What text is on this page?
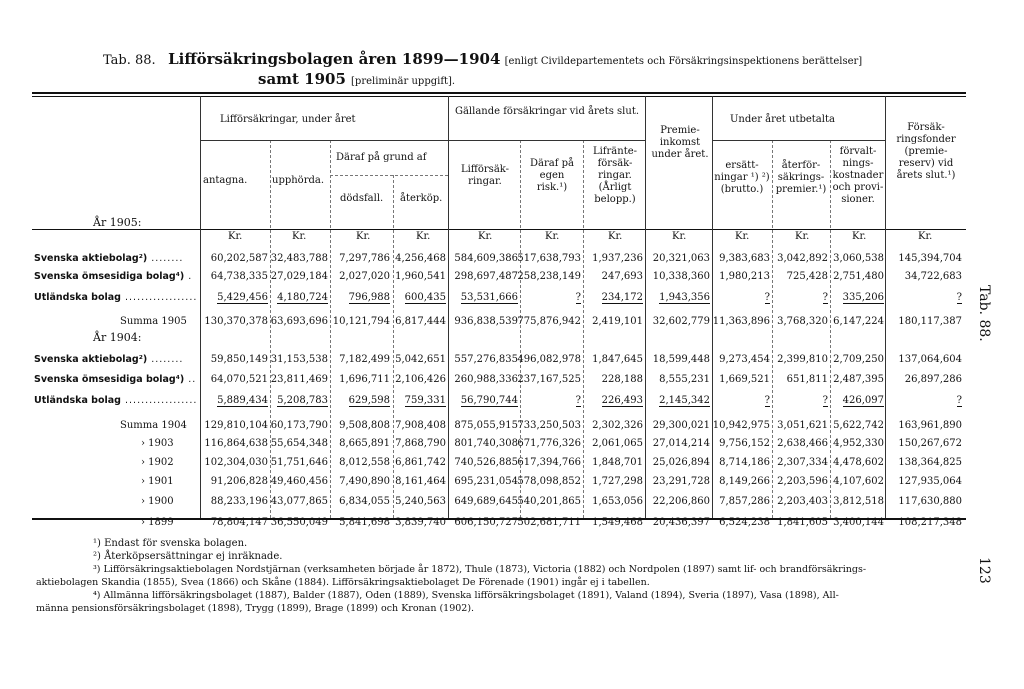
Tab. 88. Lifförsäkringsbolagen åren 1899—1904 [enligt Civildepartementets och Försäkringsinspektionens berättelser]
samt 1905 [preliminär uppgift].
Lifförsäkringar, under året
antagna. upphörda.
Däraf på grund af
dödsfall. återköp.
Gällande försäkringar vid årets slut.
Lifförsäk-ringar.
Däraf på egen risk.¹)
Lifränte-försäk-ringar. (Årligt belopp.)
Premie-inkomst under året.
Under året utbetalta
ersätt-ningar ¹) ²) (brutto.)
återför-säkrings-premier.¹)
förvalt-nings-kostnader och provi-sioner.
Försäk-ringsfonder (premie-reserv) vid årets slut.¹)
Kr.	Kr.	Kr.	Kr.	Kr.	Kr.	Kr.	Kr.	Kr.	Kr.	Kr.	Kr.
År 1905:
År 1904:
Svenska aktiebolag²) ........	60,202,587 32,483,788 7,297,786 4,256,468 584,609,386 517,638,793 1,937,236 20,321,063 9,383,683 3,042,892 3,060,538 145,394,704
Svenska ömsesidiga bolag⁴) . 64,738,335 27,029,184 2,027,020 1,960,541 298,697,487 258,238,149 247,693 10,338,360 1,980,213 725,428 2,751,480 34,722,683
Utländska bolag .................. 5,429,456 4,180,724 796,988 600,435 53,531,666	? 234,172 1,943,356	?	? 335,206	?
Summa 1905 130,370,378 63,693,696 10,121,794 6,817,444 936,838,539 775,876,942 2,419,101 32,602,779 11,363,896 3,768,320 6,147,224 180,117,387
Svenska aktiebolag²) ........	59,850,149 31,153,538 7,182,499 5,042,651 557,276,835 496,082,978 1,847,645 18,599,448 9,273,454 2,399,810 2,709,250 137,064,604
Svenska ömsesidiga bolag⁴) .. 64,070,521 23,811,469 1,696,711 2,106,426 260,988,336 237,167,525 228,188 8,555,231 1,669,521 651,811 2,487,395 26,897,286
Utländska bolag .................. 5,889,434 5,208,783 629,598 759,331 56,790,744	? 226,493 2,145,342	?	? 426,097	?
Summa 1904 129,810,104 60,173,790 9,508,808 7,908,408 875,055,915 733,250,503 2,302,326 29,300,021 10,942,975 3,051,621 5,622,742 163,961,890
› 1903	116,864,638 55,654,348 8,665,891 7,868,790 801,740,308 671,776,326 2,061,065 27,014,214 9,756,152 2,638,466 4,952,330 150,267,672
› 1902	102,304,030 51,751,646 8,012,558 6,861,742 740,526,885 617,394,766 1,848,701 25,026,894 8,714,186 2,307,334 4,478,602 138,364,825
› 1901	91,206,828 49,460,456 7,490,890 8,161,464 695,231,054 578,098,852 1,727,298 23,291,728 8,149,266 2,203,596 4,107,602 127,935,064
› 1900	88,233,196 43,077,865 6,834,055 5,240,563 649,689,645 540,201,865 1,653,056 22,206,860 7,857,286 2,203,403 3,812,518 117,630,880
› 1899	78,804,147 36,550,049 5,841,698 3,839,740 606,150,727 502,681,711 1,549,468 20,436,397 6,524,238 1,841,605 3,400,144 108,217,348
¹) Endast för svenska bolagen.
²) Återköpsersättningar ej inräknade.
³) Lifförsäkringsaktiebolagen Nordstjärnan (verksamheten började år 1872), Thule (1873), Victoria (1882) och Nordpolen (1897) samt lif- och brandförsäkrings-
aktiebolagen Skandia (1855), Svea (1866) och Skåne (1884). Lifförsäkringsaktiebolaget De Förenade (1901) ingår ej i tabellen.
⁴) Allmänna lifförsäkringsbolaget (1887), Balder (1887), Oden (1889), Svenska lifförsäkringsbolaget (1891), Valand (1894), Sveria (1897), Vasa (1898), All-
männa pensionsförsäkringsbolaget (1898), Trygg (1899), Brage (1899) och Kronan (1902).
Tab. 88.
123
